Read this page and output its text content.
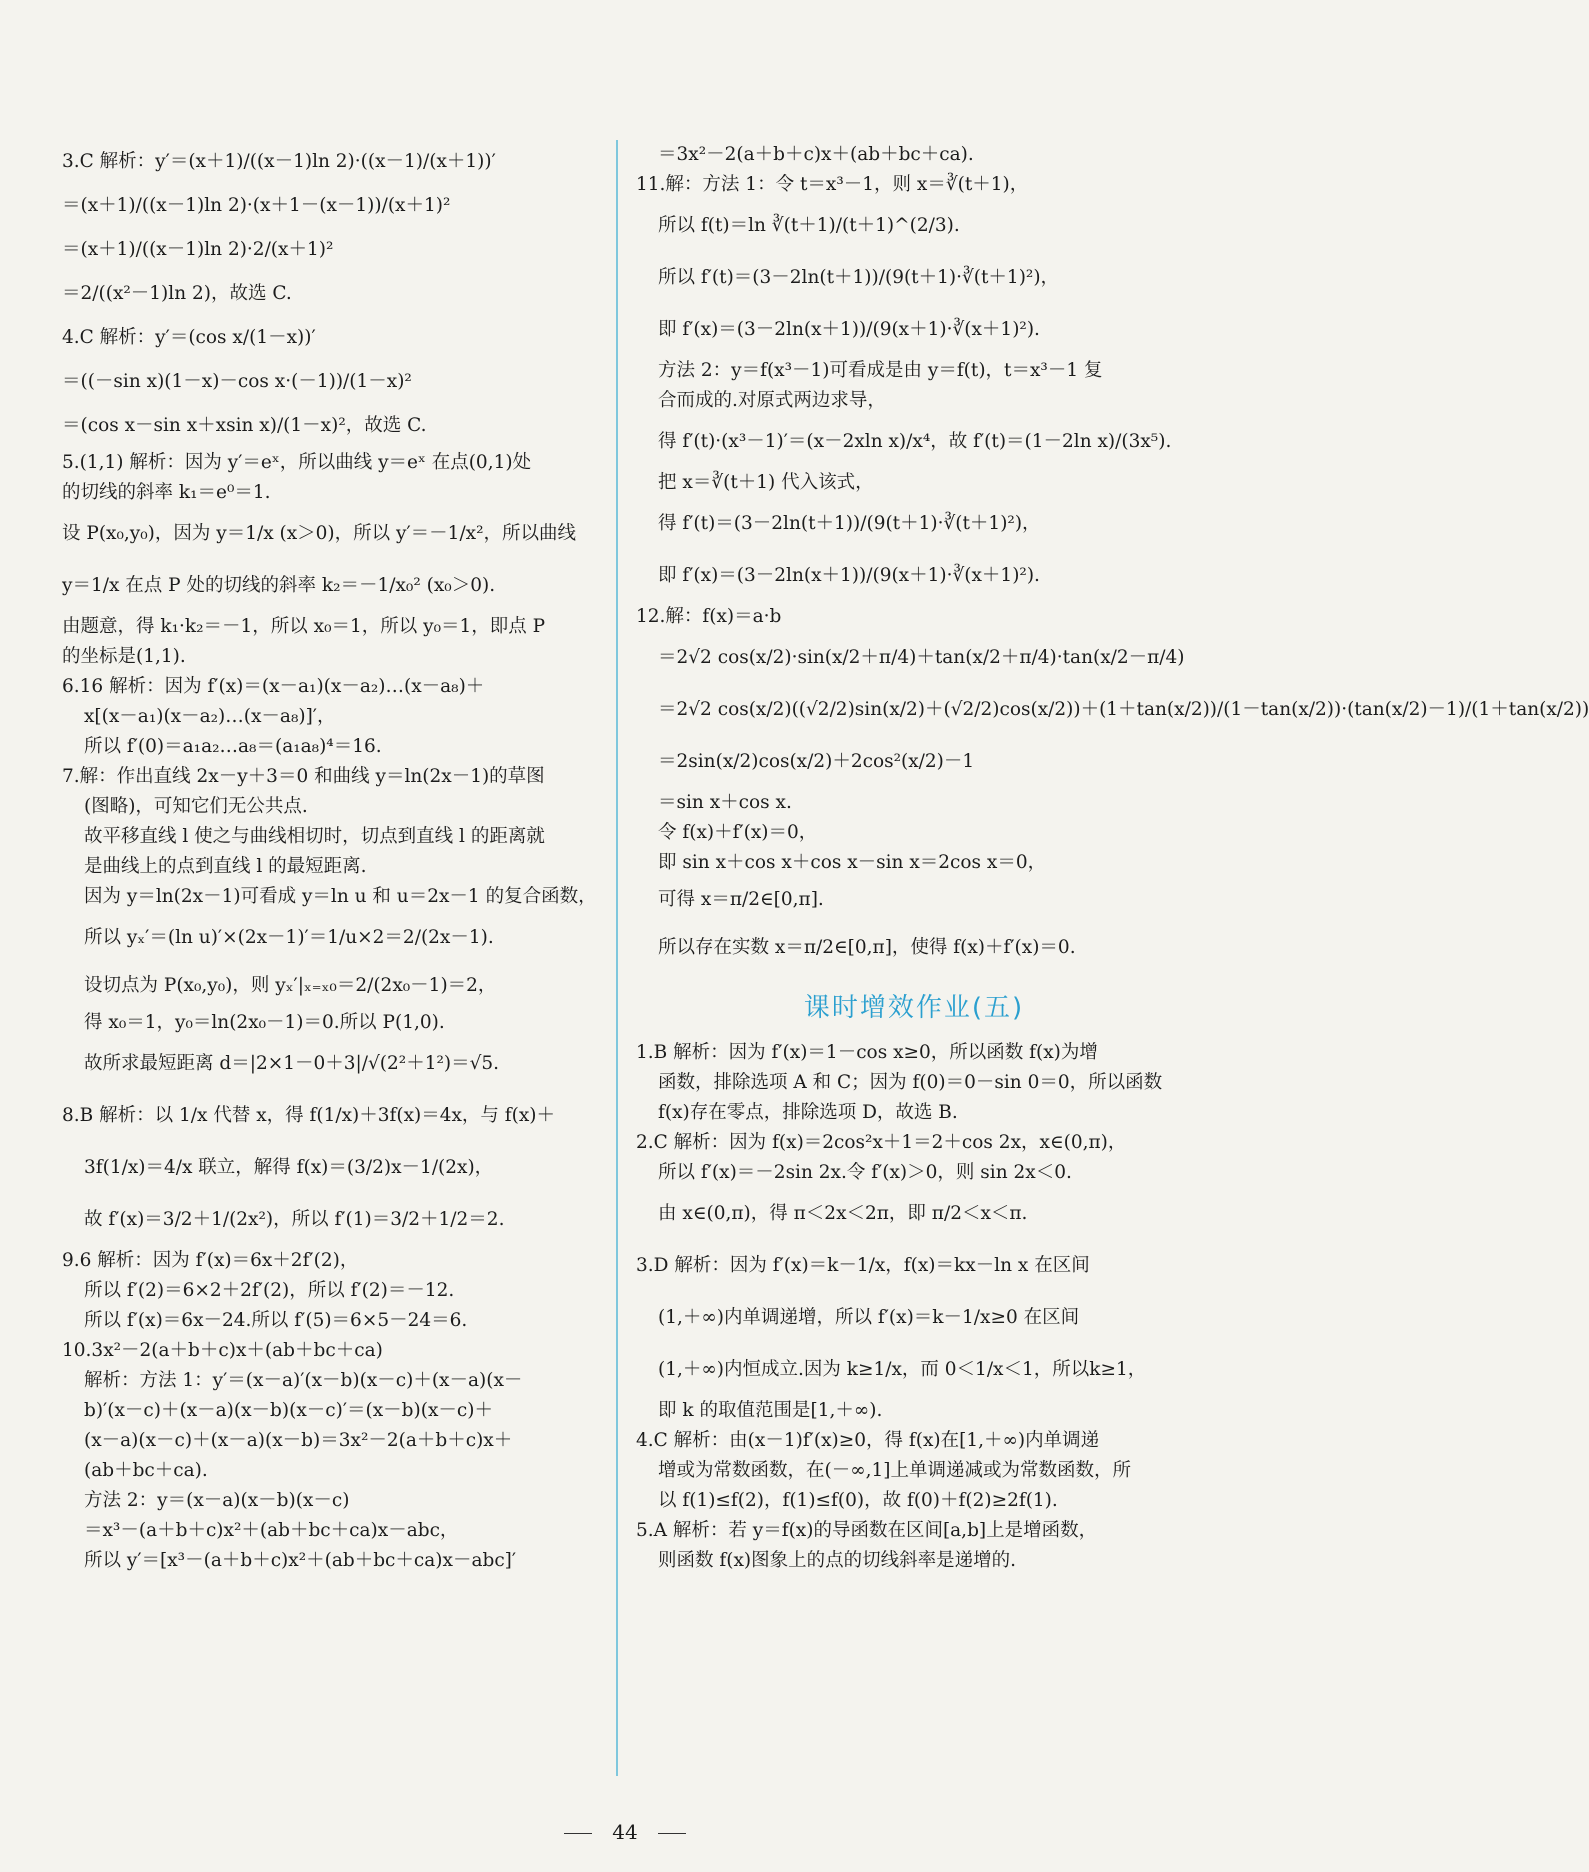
3.C 解析：y′＝(x＋1)/((x－1)ln 2)·((x－1)/(x＋1))′
＝(x＋1)/((x－1)ln 2)·(x＋1－(x－1))/(x＋1)²
＝(x＋1)/((x－1)ln 2)·2/(x＋1)²
＝2/((x²－1)ln 2)，故选 C.
4.C 解析：y′＝(cos x/(1－x))′
＝((－sin x)(1－x)－cos x·(－1))/(1－x)²
＝(cos x－sin x＋xsin x)/(1－x)²，故选 C.
5.(1,1) 解析：因为 y′＝eˣ，所以曲线 y＝eˣ 在点(0,1)处
的切线的斜率 k₁＝e⁰＝1.
设 P(x₀,y₀)，因为 y＝1/x (x＞0)，所以 y′＝－1/x²，所以曲线
y＝1/x 在点 P 处的切线的斜率 k₂＝－1/x₀² (x₀＞0).
由题意，得 k₁·k₂＝－1，所以 x₀＝1，所以 y₀＝1，即点 P
的坐标是(1,1).
6.16 解析：因为 f′(x)＝(x－a₁)(x－a₂)…(x－a₈)＋
x[(x－a₁)(x－a₂)…(x－a₈)]′，
所以 f′(0)＝a₁a₂…a₈＝(a₁a₈)⁴＝16.
7.解：作出直线 2x－y＋3＝0 和曲线 y＝ln(2x－1)的草图
(图略)，可知它们无公共点.
故平移直线 l 使之与曲线相切时，切点到直线 l 的距离就
是曲线上的点到直线 l 的最短距离.
因为 y＝ln(2x－1)可看成 y＝ln u 和 u＝2x－1 的复合函数，
所以 yₓ′＝(ln u)′×(2x－1)′＝1/u×2＝2/(2x－1).
设切点为 P(x₀,y₀)，则 yₓ′|ₓ₌ₓ₀＝2/(2x₀－1)＝2，
得 x₀＝1，y₀＝ln(2x₀－1)＝0.所以 P(1,0).
故所求最短距离 d＝|2×1－0＋3|/√(2²＋1²)＝√5.
8.B 解析：以 1/x 代替 x，得 f(1/x)＋3f(x)＝4x，与 f(x)＋
3f(1/x)＝4/x 联立，解得 f(x)＝(3/2)x－1/(2x)，
故 f′(x)＝3/2＋1/(2x²)，所以 f′(1)＝3/2＋1/2＝2.
9.6 解析：因为 f′(x)＝6x＋2f′(2)，
所以 f′(2)＝6×2＋2f′(2)，所以 f′(2)＝－12.
所以 f′(x)＝6x－24.所以 f′(5)＝6×5－24＝6.
10.3x²－2(a＋b＋c)x＋(ab＋bc＋ca)
解析：方法 1：y′＝(x－a)′(x－b)(x－c)＋(x－a)(x－
b)′(x－c)＋(x－a)(x－b)(x－c)′＝(x－b)(x－c)＋
(x－a)(x－c)＋(x－a)(x－b)＝3x²－2(a＋b＋c)x＋
(ab＋bc＋ca).
方法 2：y＝(x－a)(x－b)(x－c)
＝x³－(a＋b＋c)x²＋(ab＋bc＋ca)x－abc，
所以 y′＝[x³－(a＋b＋c)x²＋(ab＋bc＋ca)x－abc]′
＝3x²－2(a＋b＋c)x＋(ab＋bc＋ca).
11.解：方法 1：令 t＝x³－1，则 x＝∛(t＋1)，
所以 f(t)＝ln ∛(t＋1)/(t＋1)^(2/3).
所以 f′(t)＝(3－2ln(t＋1))/(9(t＋1)·∛(t＋1)²)，
即 f′(x)＝(3－2ln(x＋1))/(9(x＋1)·∛(x＋1)²).
方法 2：y＝f(x³－1)可看成是由 y＝f(t)，t＝x³－1 复
合而成的.对原式两边求导，
得 f′(t)·(x³－1)′＝(x－2xln x)/x⁴，故 f′(t)＝(1－2ln x)/(3x⁵).
把 x＝∛(t＋1) 代入该式，
得 f′(t)＝(3－2ln(t＋1))/(9(t＋1)·∛(t＋1)²)，
即 f′(x)＝(3－2ln(x＋1))/(9(x＋1)·∛(x＋1)²).
12.解：f(x)＝a·b
＝2√2 cos(x/2)·sin(x/2＋π/4)＋tan(x/2＋π/4)·tan(x/2－π/4)
＝2√2 cos(x/2)((√2/2)sin(x/2)＋(√2/2)cos(x/2))＋(1＋tan(x/2))/(1－tan(x/2))·(tan(x/2)－1)/(1＋tan(x/2))
＝2sin(x/2)cos(x/2)＋2cos²(x/2)－1
＝sin x＋cos x.
令 f(x)＋f′(x)＝0，
即 sin x＋cos x＋cos x－sin x＝2cos x＝0，
可得 x＝π/2∈[0,π].
所以存在实数 x＝π/2∈[0,π]，使得 f(x)＋f′(x)＝0.
课时增效作业(五)
1.B 解析：因为 f′(x)＝1－cos x≥0，所以函数 f(x)为增
函数，排除选项 A 和 C；因为 f(0)＝0－sin 0＝0，所以函数
f(x)存在零点，排除选项 D，故选 B.
2.C 解析：因为 f(x)＝2cos²x＋1＝2＋cos 2x，x∈(0,π)，
所以 f′(x)＝－2sin 2x.令 f′(x)＞0，则 sin 2x＜0.
由 x∈(0,π)，得 π＜2x＜2π，即 π/2＜x＜π.
3.D 解析：因为 f′(x)＝k－1/x，f(x)＝kx－ln x 在区间
(1,＋∞)内单调递增，所以 f′(x)＝k－1/x≥0 在区间
(1,＋∞)内恒成立.因为 k≥1/x，而 0＜1/x＜1，所以k≥1，
即 k 的取值范围是[1,＋∞).
4.C 解析：由(x－1)f′(x)≥0，得 f(x)在[1,＋∞)内单调递
增或为常数函数，在(－∞,1]上单调递减或为常数函数，所
以 f(1)≤f(2)，f(1)≤f(0)，故 f(0)＋f(2)≥2f(1).
5.A 解析：若 y＝f(x)的导函数在区间[a,b]上是增函数，
则函数 f(x)图象上的点的切线斜率是递增的.
44
